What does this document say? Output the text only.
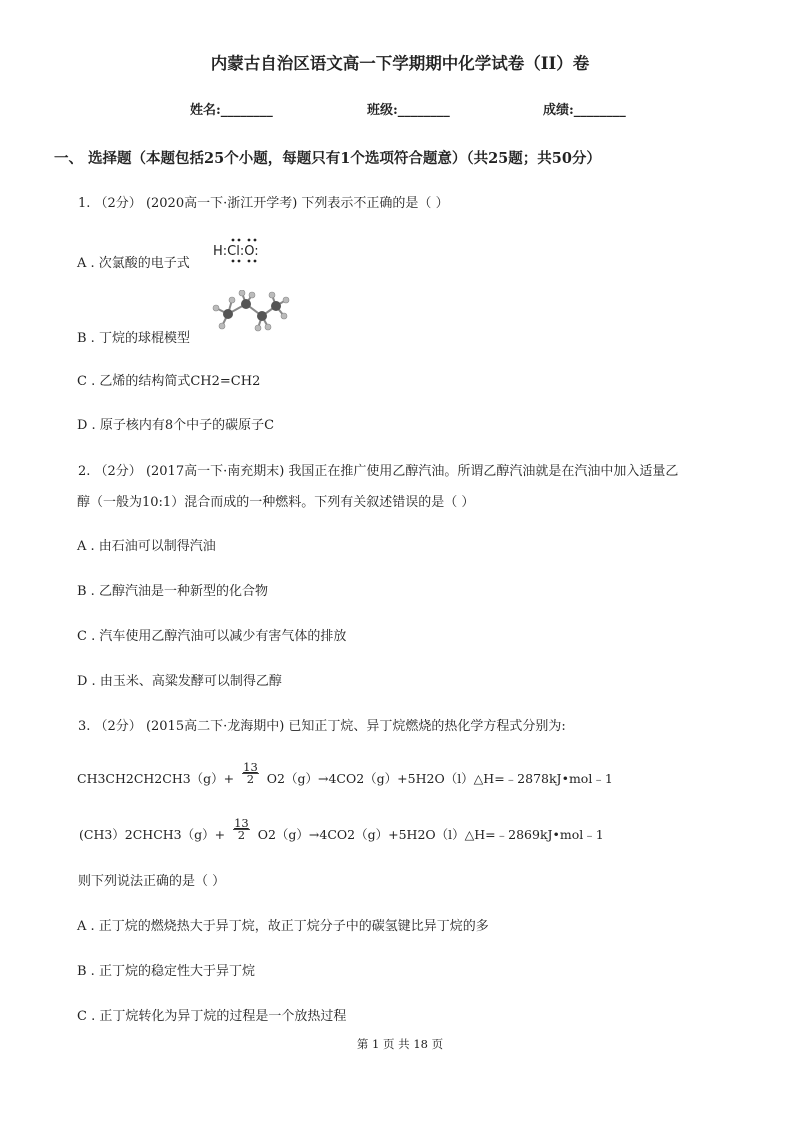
内蒙古自治区语文高一下学期期中化学试卷（II）卷
姓名:________	班级:________	成绩:________
一、 选择题（本题包括25个小题，每题只有1个选项符合题意）（共25题；共50分）
1. （2分） (2020高一下·浙江开学考) 下列表示不正确的是（ ）
A . 次氯酸的电子式
H:Cl:O:
B . 丁烷的球棍模型
C . 乙烯的结构简式CH2=CH2
D . 原子核内有8个中子的碳原子C
2. （2分） (2017高一下·南充期末) 我国正在推广使用乙醇汽油。所谓乙醇汽油就是在汽油中加入适量乙
醇（一般为10:1）混合而成的一种燃料。下列有关叙述错误的是（ ）
A . 由石油可以制得汽油
B . 乙醇汽油是一种新型的化合物
C . 汽车使用乙醇汽油可以减少有害气体的排放
D . 由玉米、高粱发酵可以制得乙醇
3. （2分） (2015高二下·龙海期中) 已知正丁烷、异丁烷燃烧的热化学方程式分别为:
$CH3CH2CH2CH3(g)+ \frac{13}{2}$ O2（g）→4CO2（g）+5H2O（l）△H=﹣2878kJ•mol﹣1
(CH3）2CHCH3（g）+ $\frac{13}{2}$ O2（g）→4CO2（g）+5H2O（l）△H=﹣2869kJ•mol﹣1
则下列说法正确的是（ ）
A . 正丁烷的燃烧热大于异丁烷，故正丁烷分子中的碳氢键比异丁烷的多
B . 正丁烷的稳定性大于异丁烷
C . 正丁烷转化为异丁烷的过程是一个放热过程
第 1 页 共 18 页
